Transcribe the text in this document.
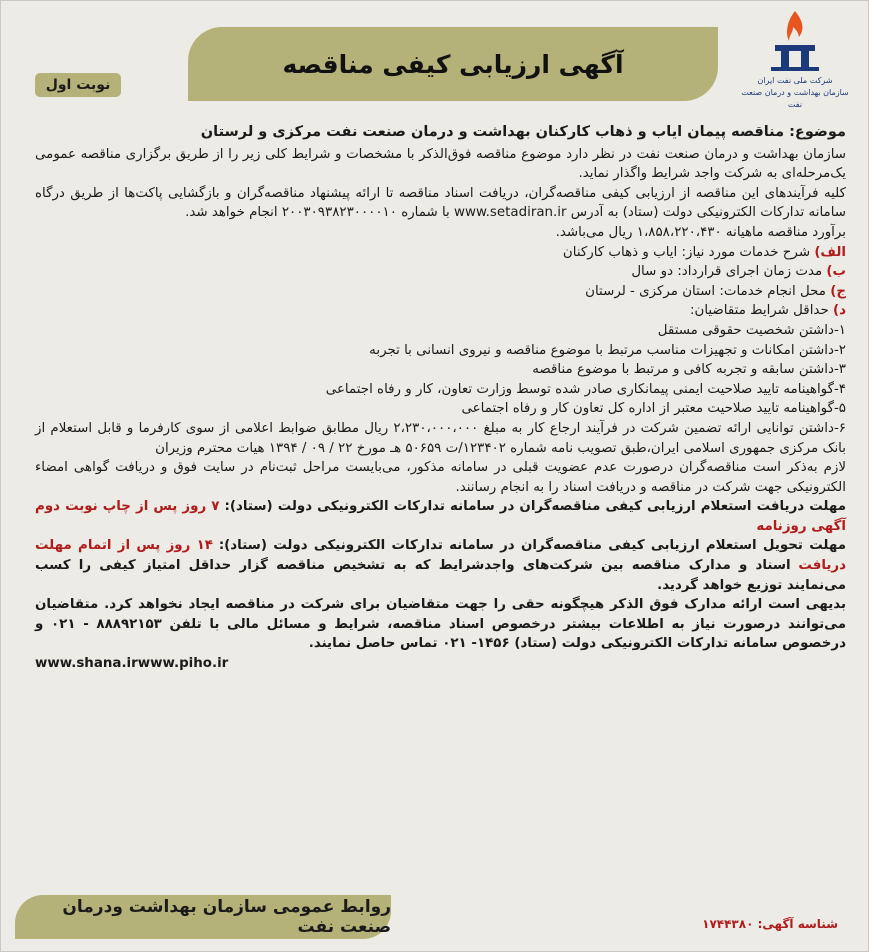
شرکت ملی نفت ایران
سازمان بهداشت و درمان صنعت نفت
آگهی ارزیابی کیفی مناقصه
نوبت اول

موضوع: مناقصه پیمان ایاب و ذهاب کارکنان بهداشت و درمان صنعت نفت مرکزی و لرستان

سازمان بهداشت و درمان صنعت نفت در نظر دارد موضوع مناقصه فوق‌الذکر با مشخصات و شرایط کلی زیر را از طریق برگزاری مناقصه عمومی یک‌مرحله‌ای به شرکت واجد شرایط واگذار نماید.

کلیه فرآیندهای این مناقصه از ارزیابی کیفی مناقصه‌گران، دریافت اسناد مناقصه تا ارائه پیشنهاد مناقصه‌گران و بازگشایی پاکت‌ها از طریق درگاه سامانه تدارکات الکترونیکی دولت (ستاد) به آدرس www.setadiran.ir با شماره ۲۰۰۳۰۹۳۸۲۳۰۰۰۰۱۰ انجام خواهد شد.

برآورد مناقصه ماهیانه ۱،۸۵۸،۲۲۰،۴۳۰ ریال می‌باشد.

الف) شرح خدمات مورد نیاز: ایاب و ذهاب کارکنان

ب) مدت زمان اجرای قرارداد: دو سال

ج) محل انجام خدمات: استان مرکزی - لرستان

د) حداقل شرایط متقاضیان:

۱-داشتن شخصیت حقوقی مستقل

۲-داشتن امکانات و تجهیزات مناسب مرتبط با موضوع مناقصه و نیروی انسانی با تجربه

۳-داشتن سابقه و تجربه کافی و مرتبط با موضوع مناقصه

۴-گواهینامه تایید صلاحیت ایمنی پیمانکاری صادر شده توسط وزارت تعاون، کار و رفاه اجتماعی

۵-گواهینامه تایید صلاحیت معتبر از اداره کل تعاون کار و رفاه اجتماعی

۶-داشتن توانایی ارائه تضمین شرکت در فرآیند ارجاع کار به مبلغ ۲،۲۳۰،۰۰۰،۰۰۰ ریال مطابق ضوابط اعلامی از سوی کارفرما و قابل استعلام از بانک مرکزی جمهوری اسلامی ایران،طبق تصویب نامه شماره ۱۲۳۴۰۲/ت ۵۰۶۵۹ هـ مورخ ۲۲ / ۰۹ / ۱۳۹۴ هیات محترم وزیران

لازم به‌ذکر است مناقصه‌گران درصورت عدم عضویت قبلی در سامانه مذکور، می‌بایست مراحل ثبت‌نام در سایت فوق و دریافت گواهی امضاء الکترونیکی جهت شرکت در مناقصه و دریافت اسناد را به انجام رسانند.

مهلت دریافت استعلام ارزیابی کیفی مناقصه‌گران در سامانه تدارکات الکترونیکی دولت (ستاد): ۷ روز پس از چاپ نوبت دوم آگهی روزنامه

مهلت تحویل استعلام ارزیابی کیفی مناقصه‌گران در سامانه تدارکات الکترونیکی دولت (ستاد): ۱۴ روز پس از اتمام مهلت دریافت اسناد و مدارک مناقصه بین شرکت‌های واجدشرایط که به تشخیص مناقصه گزار حداقل امتیاز کیفی را کسب می‌نمایند توزیع خواهد گردید.

بدیهی است ارائه مدارک فوق الذکر هیچگونه حقی را جهت متقاضیان برای شرکت در مناقصه ایجاد نخواهد کرد. متقاضیان می‌توانند درصورت نیاز به اطلاعات بیشتر درخصوص اسناد مناقصه، شرایط و مسائل مالی با تلفن ۸۸۸۹۲۱۵۳ - ۰۲۱ و درخصوص سامانه تدارکات الکترونیکی دولت (ستاد) ۱۴۵۶- ۰۲۱ تماس حاصل نمایند.

www.shana.irwww.piho.ir

روابط عمومی سازمان بهداشت ودرمان صنعت نفت	شناسه آگهی: ۱۷۴۴۳۸۰
